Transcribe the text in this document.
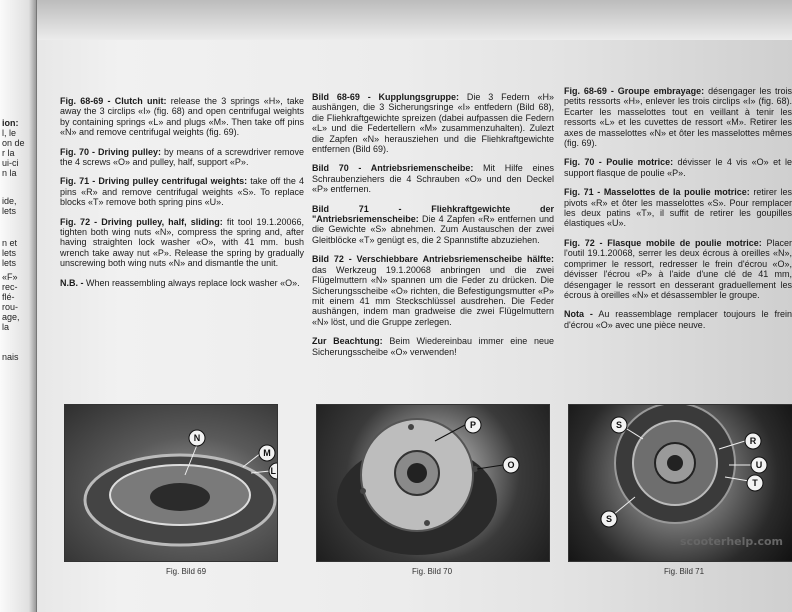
ion:

l, le

on de

r la

ui-ci

n la

ide,

lets

n et

lets

lets

«F»

rec-

flé-

rou-

age,

la

nais

Fig. 68-69 - Clutch unit: release the 3 springs «H», take away the 3 circlips «I» (fig. 68) and open centrifugal weights by containing springs «L» and plugs «M». Then take off pins «N» and remove centrifugal weights (fig. 69).

Fig. 70 - Driving pulley: by means of a screwdriver remove the 4 screws «O» and pulley, half, support «P».

Fig. 71 - Driving pulley centrifugal weights: take off the 4 pins «R» and remove centrifugal weights «S». To replace blocks «T» remove both spring pins «U».

Fig. 72 - Driving pulley, half, sliding: fit tool 19.1.20066, tighten both wing nuts «N», compress the spring and, after having straighten lock washer «O», with 41 mm. bush wrench take away nut «P». Release the spring by gradually unscrewing both wing nuts «N» and dismantle the unit.

N.B. - When reassembling always replace lock washer «O».

Bild 68-69 - Kupplungsgruppe: Die 3 Federn «H» aushängen, die 3 Sicherungsringe «I» entfedern (Bild 68), die Fliehkraftgewichte spreizen (dabei aufpassen die Federn «L» und die Federtellern «M» zusammenzuhalten). Zulezt die Zapfen «N» herausziehen und die Fliehkraftgewichte entfernen (Bild 69).

Bild 70 - Antriebsriemenscheibe: Mit Hilfe eines Schraubenziehers die 4 Schrauben «O» und den Deckel «P» entfernen.

Bild 71 - Fliehkraftgewichte der "Antriebsriemenscheibe: Die 4 Zapfen «R» entfernen und die Gewichte «S» abnehmen. Zum Austauschen der zwei Gleitblöcke «T» genügt es, die 2 Spannstifte abzuziehen.

Bild 72 - Verschiebbare Antriebsriemenscheibe hälfte: das Werkzeug 19.1.20068 anbringen und die zwei Flügelmuttern «N» spannen um die Feder zu drücken. Die Sicherungsscheibe «O» richten, die Befestigungsmutter «P» mit einem 41 mm Steckschlüssel ausdrehen. Die Feder aushängen, indem man gradweise die zwei Flügelmuttern «N» löst, und die Gruppe zerlegen.

Zur Beachtung: Beim Wiedereinbau immer eine neue Sicherungsscheibe «O» verwenden!

Fig. 68-69 - Groupe embrayage: désengager les trois petits ressorts «H», enlever les trois circlips «I» (fig. 68). Ecarter les masselottes tout en veillant à tenir les ressorts «L» et les cuvettes de ressort «M». Retirer les axes de masselottes «N» et ôter les masselottes mêmes (fig. 69).

Fig. 70 - Poulie motrice: dévisser le 4 vis «O» et le support flasque de poulie «P».

Fig. 71 - Masselottes de la poulie motrice: retirer les pivots «R» et ôter les masselottes «S». Pour remplacer les deux patins «T», il suffit de retirer les goupilles élastiques «U».

Fig. 72 - Flasque mobile de poulie motrice: Placer l'outil 19.1.20068, serrer les deux écrous à oreilles «N», comprimer le ressort, redresser le frein d'écrou «O», dévisser l'écrou «P» à l'aide d'une clé de 41 mm, désengager le ressort en desserant graduellement les écrous à oreilles «N» et désassembler le groupe.

Nota - Au reassemblage remplacer toujours le frein d'écrou «O» avec une pièce neuve.

N
M
L
Fig. Bild 69
P
O
Fig. Bild 70
S
R
U
T
S
Fig. Bild 71
scooterhelp.com
